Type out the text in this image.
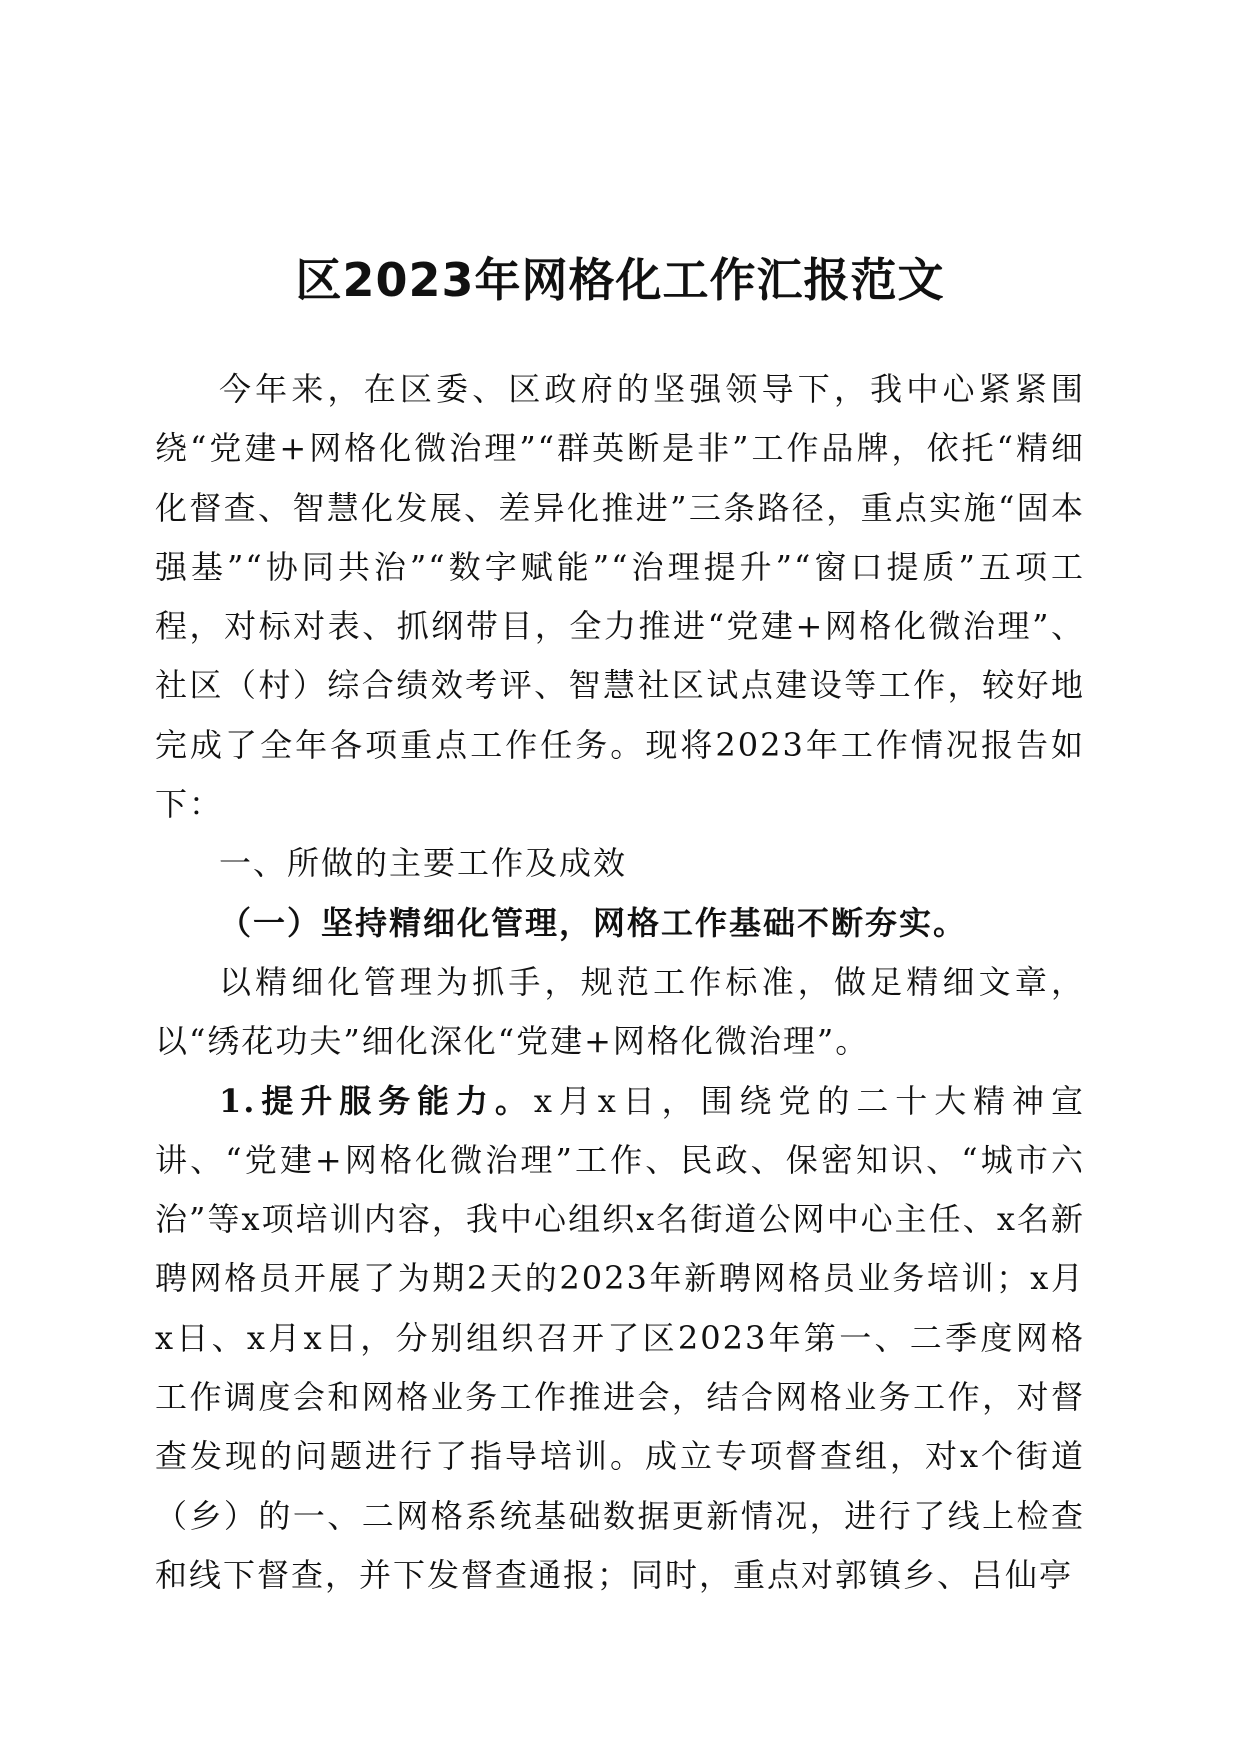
区2023年网格化工作汇报范文

今年来，在区委、区政府的坚强领导下，我中心紧紧围绕“党建+网格化微治理”“群英断是非”工作品牌，依托“精细化督查、智慧化发展、差异化推进”三条路径，重点实施“固本强基”“协同共治”“数字赋能”“治理提升”“窗口提质”五项工程，对标对表、抓纲带目，全力推进“党建+网格化微治理”、社区（村）综合绩效考评、智慧社区试点建设等工作，较好地完成了全年各项重点工作任务。现将2023年工作情况报告如下：

一、所做的主要工作及成效

（一）坚持精细化管理，网格工作基础不断夯实。

以精细化管理为抓手，规范工作标准，做足精细文章，以“绣花功夫”细化深化“党建+网格化微治理”。

1.提升服务能力。x月x日，围绕党的二十大精神宣讲、“党建+网格化微治理”工作、民政、保密知识、“城市六治”等x项培训内容，我中心组织x名街道公网中心主任、x名新聘网格员开展了为期2天的2023年新聘网格员业务培训；x月x日、x月x日，分别组织召开了区2023年第一、二季度网格工作调度会和网格业务工作推进会，结合网格业务工作，对督查发现的问题进行了指导培训。成立专项督查组，对x个街道（乡）的一、二网格系统基础数据更新情况，进行了线上检查和线下督查，并下发督查通报；同时，重点对郭镇乡、吕仙亭
